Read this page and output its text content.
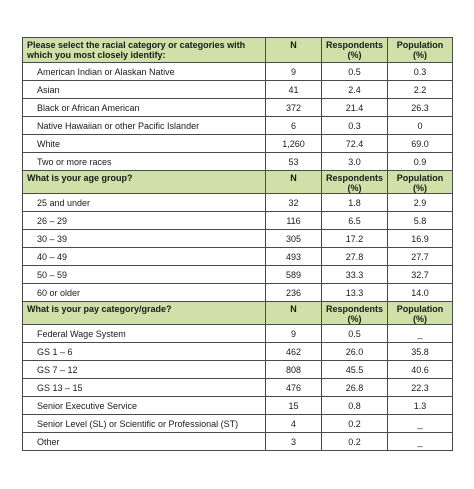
Please select the racial category or categories with which you most closely identify:	N	Respondents (%)	Population (%)
American Indian or Alaskan Native	9	0.5	0.3
Asian	41	2.4	2.2
Black or African American	372	21.4	26.3
Native Hawaiian or other Pacific Islander	6	0.3	0
White	1,260	72.4	69.0
Two or more races	53	3.0	0.9
What is your age group?	N	Respondents (%)	Population (%)
25 and under	32	1.8	2.9
26 – 29	116	6.5	5.8
30 – 39	305	17.2	16.9
40 – 49	493	27.8	27.7
50 – 59	589	33.3	32.7
60 or older	236	13.3	14.0
What is your pay category/grade?	N	Respondents (%)	Population (%)
Federal Wage System	9	0.5	_
GS 1 – 6	462	26.0	35.8
GS 7 – 12	808	45.5	40.6
GS 13 – 15	476	26.8	22.3
Senior Executive Service	15	0.8	1.3
Senior Level (SL) or Scientific or Professional (ST)	4	0.2	_
Other	3	0.2	_
